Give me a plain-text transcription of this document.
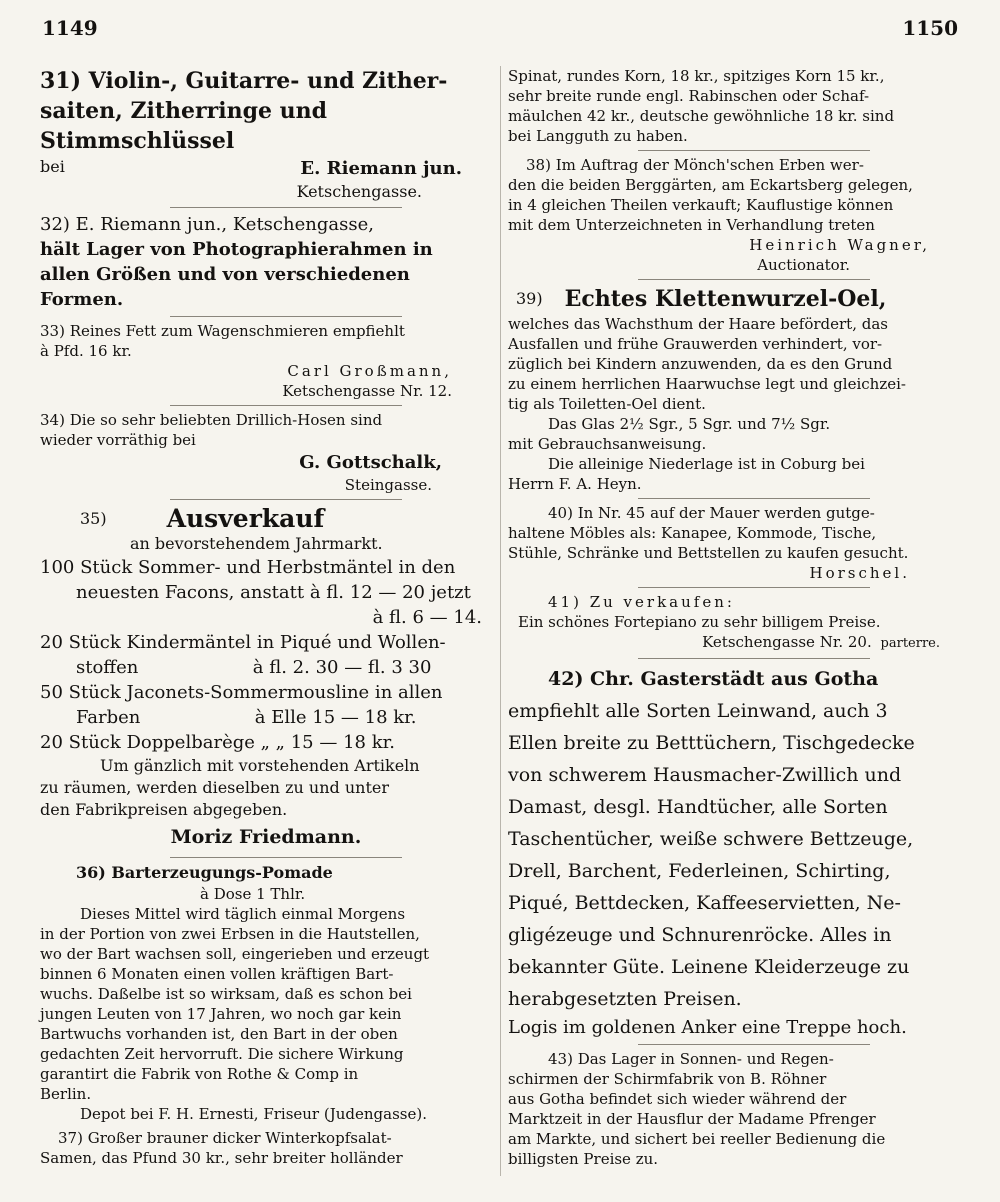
1149	1150

31) Violin-, Guitarre- und Zither-

saiten, Zitherringe und Stimmschlüssel

bei	E. Riemann jun.

Ketschengasse.

32) E. Riemann jun., Ketschengasse,

hält Lager von Photographierahmen in

allen Größen und von verschiedenen

Formen.

33) Reines Fett zum Wagenschmieren empfiehlt

à Pfd. 16 kr.

Carl Großmann,

Ketschengasse Nr. 12.

34) Die so sehr beliebten Drillich-Hosen sind

wieder vorräthig bei

G. Gottschalk,

Steingasse.

35) Ausverkauf

an bevorstehendem Jahrmarkt.

100 Stück Sommer- und Herbstmäntel in den

neuesten Facons, anstatt à fl. 12 — 20 jetzt

à fl. 6 — 14.

20 Stück Kindermäntel in Piqué und Wollen-

stoffen                    à fl. 2. 30 — fl. 3 30

50 Stück Jaconets-Sommermousline in allen

Farben                    à Elle 15 — 18 kr.

20 Stück Doppelbarège „ „ 15 — 18 kr.

Um gänzlich mit vorstehenden Artikeln

zu räumen, werden dieselben zu und unter

den Fabrikpreisen abgegeben.

Moriz Friedmann.

36) Barterzeugungs-Pomade

à Dose 1 Thlr.

Dieses Mittel wird täglich einmal Morgens

in der Portion von zwei Erbsen in die Hautstellen,

wo der Bart wachsen soll, eingerieben und erzeugt

binnen 6 Monaten einen vollen kräftigen Bart-

wuchs. Daßelbe ist so wirksam, daß es schon bei

jungen Leuten von 17 Jahren, wo noch gar kein

Bartwuchs vorhanden ist, den Bart in der oben

gedachten Zeit hervorruft. Die sichere Wirkung

garantirt die Fabrik von Rothe & Comp in

Berlin.

Depot bei F. H. Ernesti, Friseur (Judengasse).

37) Großer brauner dicker Winterkopfsalat-

Samen, das Pfund 30 kr., sehr breiter holländer

Spinat, rundes Korn, 18 kr., spitziges Korn 15 kr.,

sehr breite runde engl. Rabinschen oder Schaf-

mäulchen 42 kr., deutsche gewöhnliche 18 kr. sind

bei Langguth zu haben.

38) Im Auftrag der Mönch'schen Erben wer-

den die beiden Berggärten, am Eckartsberg gelegen,

in 4 gleichen Theilen verkauft; Kauflustige können

mit dem Unterzeichneten in Verhandlung treten

Heinrich Wagner,

Auctionator.

39) Echtes Klettenwurzel-Oel,

welches das Wachsthum der Haare befördert, das

Ausfallen und frühe Grauwerden verhindert, vor-

züglich bei Kindern anzuwenden, da es den Grund

zu einem herrlichen Haarwuchse legt und gleichzei-

tig als Toiletten-Oel dient.

Das Glas 2½ Sgr., 5 Sgr. und 7½ Sgr.

mit Gebrauchsanweisung.

Die alleinige Niederlage ist in Coburg bei

Herrn F. A. Heyn.

40) In Nr. 45 auf der Mauer werden gutge-

haltene Möbles als: Kanapee, Kommode, Tische,

Stühle, Schränke und Bettstellen zu kaufen gesucht.

Horschel.

41) Zu verkaufen:

Ein schönes Fortepiano zu sehr billigem Preise.

Ketschengasse Nr. 20. parterre.

42) Chr. Gasterstädt aus Gotha

empfiehlt alle Sorten Leinwand, auch 3

Ellen breite zu Betttüchern, Tischgedecke

von schwerem Hausmacher-Zwillich und

Damast, desgl. Handtücher, alle Sorten

Taschentücher, weiße schwere Bettzeuge,

Drell, Barchent, Federleinen, Schirting,

Piqué, Bettdecken, Kaffeeservietten, Ne-

gligézeuge und Schnurenröcke. Alles in

bekannter Güte. Leinene Kleiderzeuge zu

herabgesetzten Preisen.

Logis im goldenen Anker eine Treppe hoch.

43) Das Lager in Sonnen- und Regen-

schirmen der Schirmfabrik von B. Röhner

aus Gotha befindet sich wieder während der

Marktzeit in der Hausflur der Madame Pfrenger

am Markte, und sichert bei reeller Bedienung die

billigsten Preise zu.
